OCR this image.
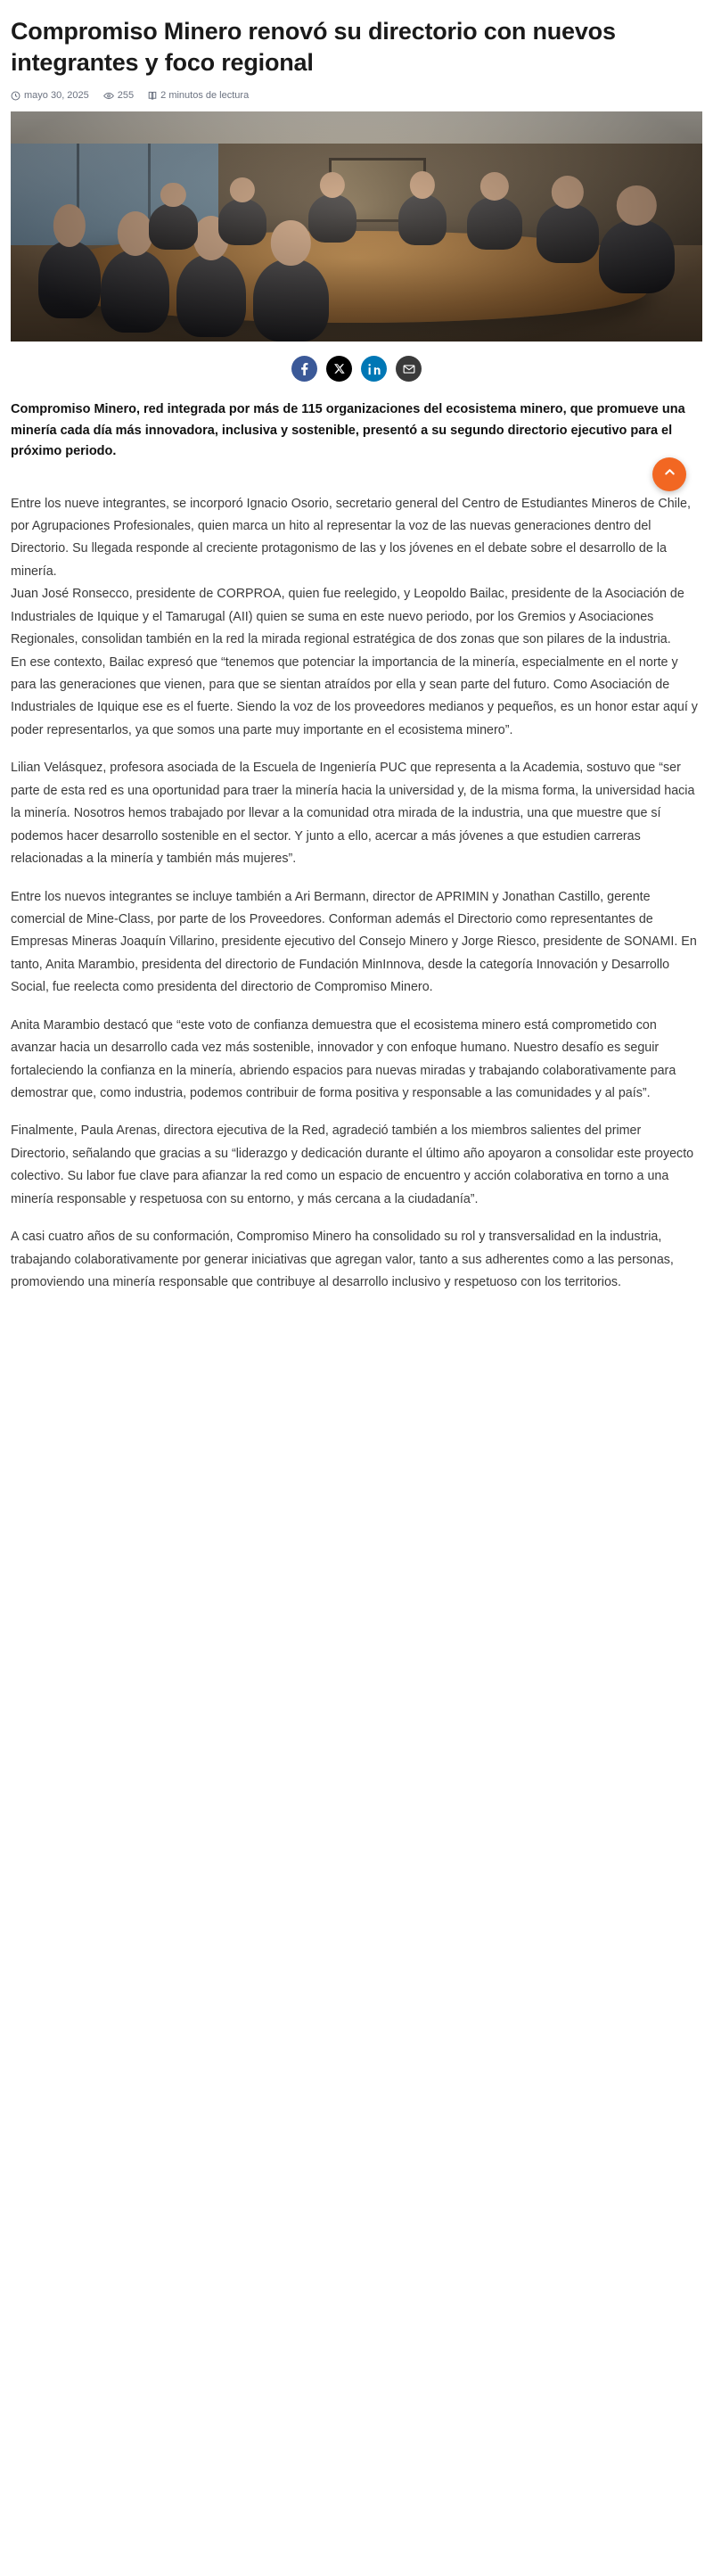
Compromiso Minero renovó su directorio con nuevos integrantes y foco regional
mayo 30, 2025	255	2 minutos de lectura

Compromiso Minero, red integrada por más de 115 organizaciones del ecosistema minero, que promueve una minería cada día más innovadora, inclusiva y sostenible, presentó a su segundo directorio ejecutivo para el próximo periodo.

Entre los nueve integrantes, se incorporó Ignacio Osorio, secretario general del Centro de Estudiantes Mineros de Chile, por Agrupaciones Profesionales, quien marca un hito al representar la voz de las nuevas generaciones dentro del Directorio. Su llegada responde al creciente protagonismo de las y los jóvenes en el debate sobre el desarrollo de la minería.

Juan José Ronsecco, presidente de CORPROA, quien fue reelegido, y Leopoldo Bailac, presidente de la Asociación de Industriales de Iquique y el Tamarugal (AII) quien se suma en este nuevo periodo, por los Gremios y Asociaciones Regionales, consolidan también en la red la mirada regional estratégica de dos zonas que son pilares de la industria.

En ese contexto, Bailac expresó que “tenemos que potenciar la importancia de la minería, especialmente en el norte y para las generaciones que vienen, para que se sientan atraídos por ella y sean parte del futuro. Como Asociación de Industriales de Iquique ese es el fuerte. Siendo la voz de los proveedores medianos y pequeños, es un honor estar aquí y poder representarlos, ya que somos una parte muy importante en el ecosistema minero”.

Lilian Velásquez, profesora asociada de la Escuela de Ingeniería PUC que representa a la Academia, sostuvo que “ser parte de esta red es una oportunidad para traer la minería hacia la universidad y, de la misma forma, la universidad hacia la minería. Nosotros hemos trabajado por llevar a la comunidad otra mirada de la industria, una que muestre que sí podemos hacer desarrollo sostenible en el sector. Y junto a ello, acercar a más jóvenes a que estudien carreras relacionadas a la minería y también más mujeres”.

Entre los nuevos integrantes se incluye también a Ari Bermann, director de APRIMIN y Jonathan Castillo, gerente comercial de Mine-Class, por parte de los Proveedores. Conforman además el Directorio como representantes de Empresas Mineras Joaquín Villarino, presidente ejecutivo del Consejo Minero y Jorge Riesco, presidente de SONAMI. En tanto, Anita Marambio, presidenta del directorio de Fundación MinInnova, desde la categoría Innovación y Desarrollo Social, fue reelecta como presidenta del directorio de Compromiso Minero.

Anita Marambio destacó que “este voto de confianza demuestra que el ecosistema minero está comprometido con avanzar hacia un desarrollo cada vez más sostenible, innovador y con enfoque humano. Nuestro desafío es seguir fortaleciendo la confianza en la minería, abriendo espacios para nuevas miradas y trabajando colaborativamente para demostrar que, como industria, podemos contribuir de forma positiva y responsable a las comunidades y al país”.

Finalmente, Paula Arenas, directora ejecutiva de la Red, agradeció también a los miembros salientes del primer Directorio, señalando que gracias a su “liderazgo y dedicación durante el último año apoyaron a consolidar este proyecto colectivo. Su labor fue clave para afianzar la red como un espacio de encuentro y acción colaborativa en torno a una minería responsable y respetuosa con su entorno, y más cercana a la ciudadanía”.

A casi cuatro años de su conformación, Compromiso Minero ha consolidado su rol y transversalidad en la industria, trabajando colaborativamente por generar iniciativas que agregan valor, tanto a sus adherentes como a las personas, promoviendo una minería responsable que contribuye al desarrollo inclusivo y respetuoso con los territorios.
